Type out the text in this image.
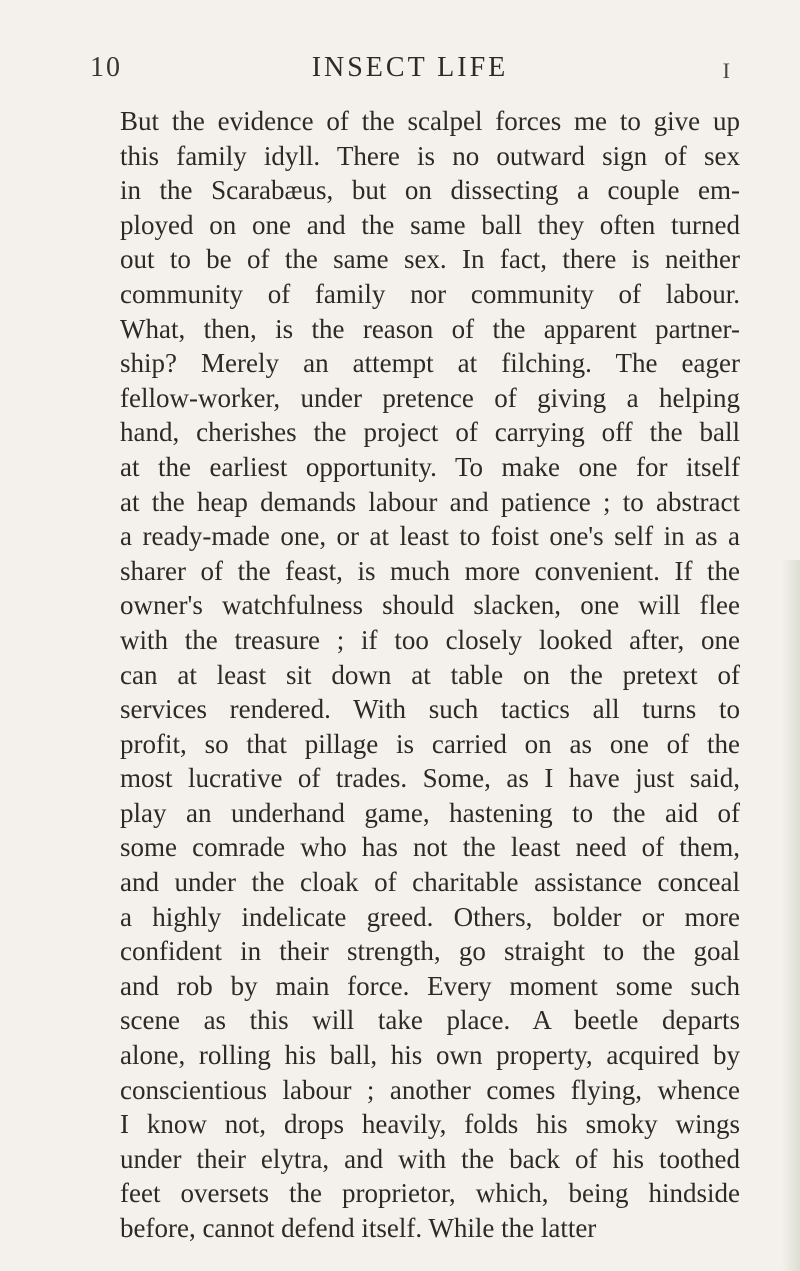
10	INSECT LIFE	I

But the evidence of the scalpel forces me to give up
this family idyll. There is no outward sign of sex
in the Scarabæus, but on dissecting a couple em-
ployed on one and the same ball they often turned
out to be of the same sex. In fact, there is neither
community of family nor community of labour.
What, then, is the reason of the apparent partner-
ship? Merely an attempt at filching. The eager
fellow-worker, under pretence of giving a helping
hand, cherishes the project of carrying off the ball
at the earliest opportunity. To make one for itself
at the heap demands labour and patience ; to abstract
a ready-made one, or at least to foist one's self in as a
sharer of the feast, is much more convenient. If the
owner's watchfulness should slacken, one will flee
with the treasure ; if too closely looked after, one
can at least sit down at table on the pretext of
services rendered. With such tactics all turns to
profit, so that pillage is carried on as one of the
most lucrative of trades. Some, as I have just said,
play an underhand game, hastening to the aid of
some comrade who has not the least need of them,
and under the cloak of charitable assistance conceal
a highly indelicate greed. Others, bolder or more
confident in their strength, go straight to the goal
and rob by main force. Every moment some such
scene as this will take place. A beetle departs
alone, rolling his ball, his own property, acquired by
conscientious labour ; another comes flying, whence
I know not, drops heavily, folds his smoky wings
under their elytra, and with the back of his toothed
feet oversets the proprietor, which, being hindside
before, cannot defend itself. While the latter
